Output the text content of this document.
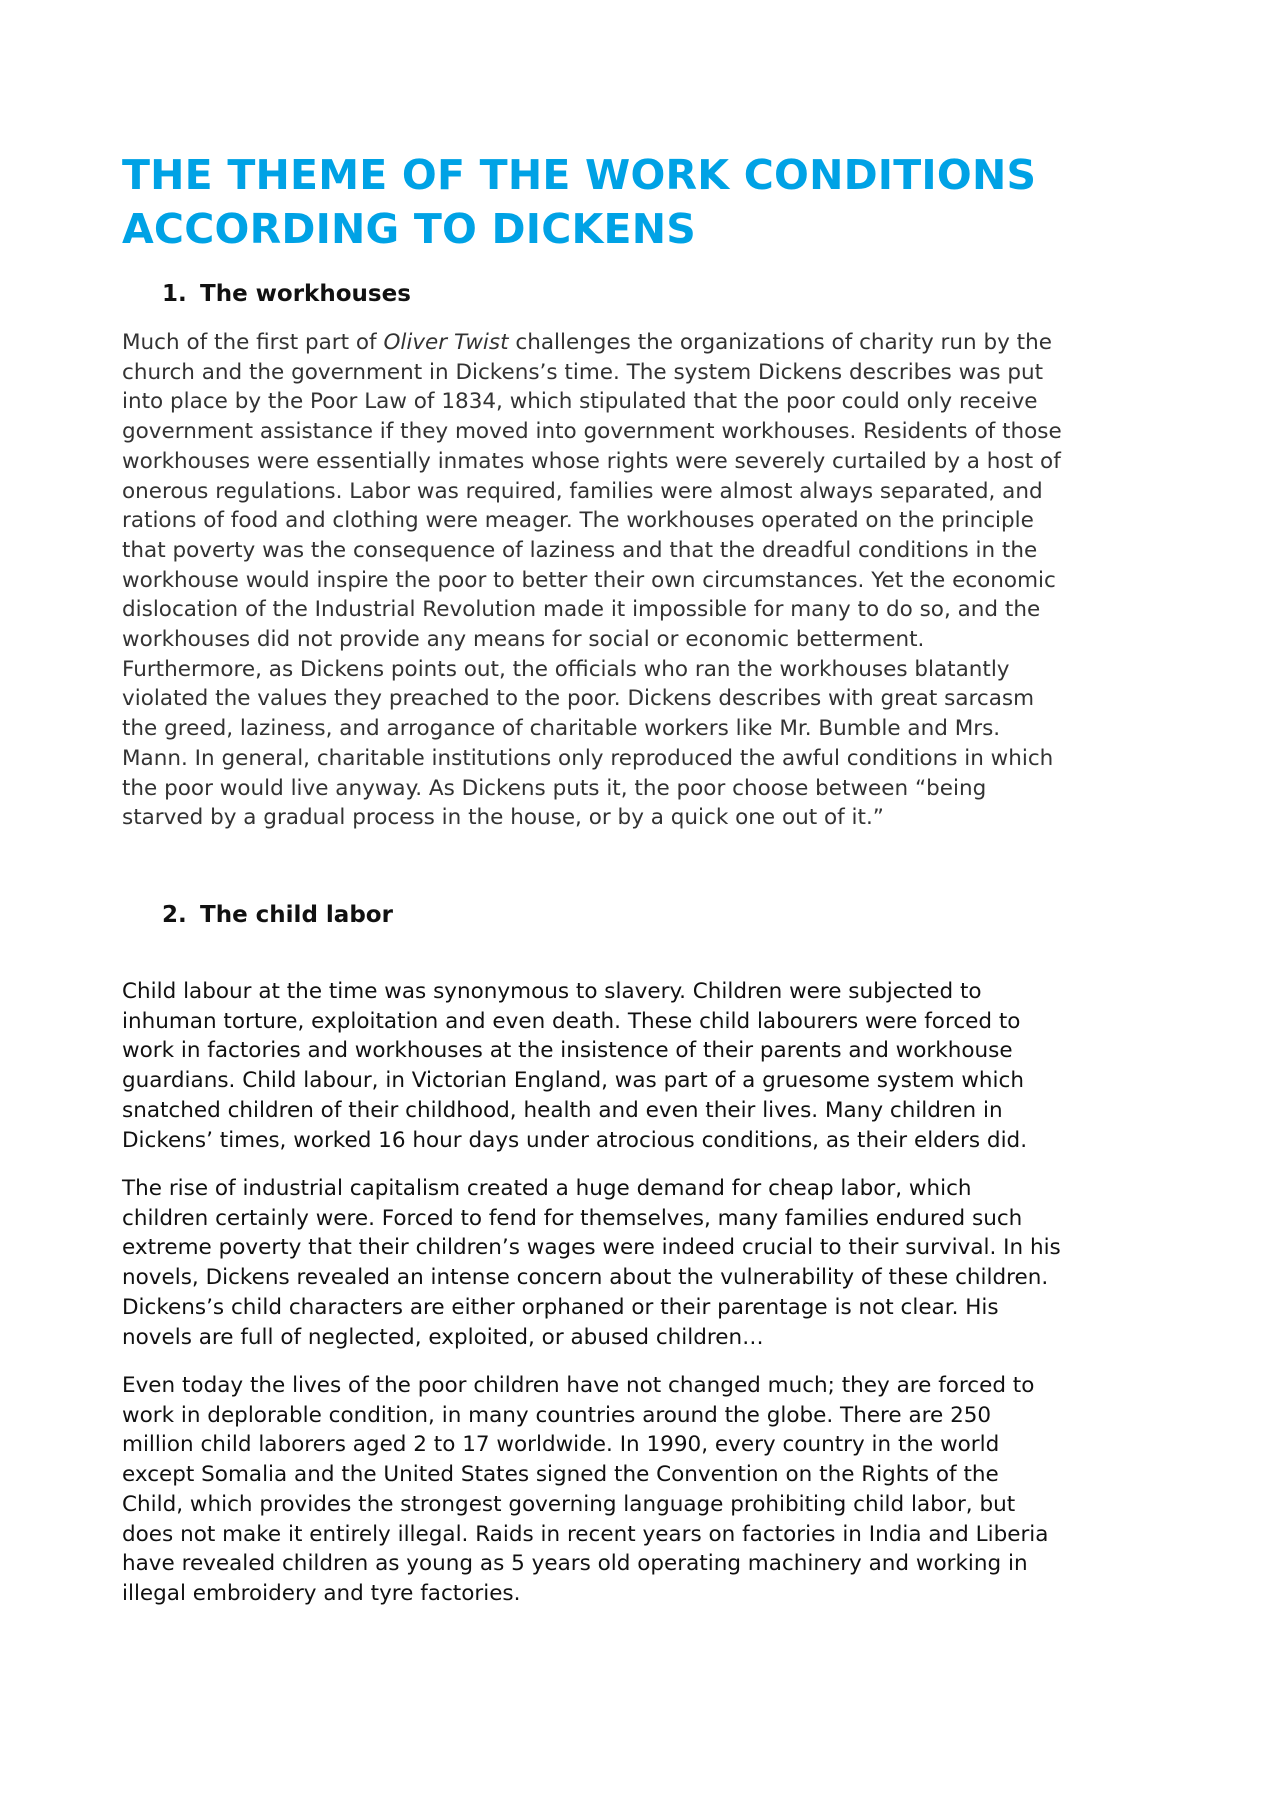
THE THEME OF THE WORK CONDITIONS
ACCORDING TO DICKENS
1. The workhouses
Much of the first part of Oliver Twist challenges the organizations of charity run by the
church and the government in Dickens’s time. The system Dickens describes was put
into place by the Poor Law of 1834, which stipulated that the poor could only receive
government assistance if they moved into government workhouses. Residents of those
workhouses were essentially inmates whose rights were severely curtailed by a host of
onerous regulations. Labor was required, families were almost always separated, and
rations of food and clothing were meager. The workhouses operated on the principle
that poverty was the consequence of laziness and that the dreadful conditions in the
workhouse would inspire the poor to better their own circumstances. Yet the economic
dislocation of the Industrial Revolution made it impossible for many to do so, and the
workhouses did not provide any means for social or economic betterment.
Furthermore, as Dickens points out, the officials who ran the workhouses blatantly
violated the values they preached to the poor. Dickens describes with great sarcasm
the greed, laziness, and arrogance of charitable workers like Mr. Bumble and Mrs.
Mann. In general, charitable institutions only reproduced the awful conditions in which
the poor would live anyway. As Dickens puts it, the poor choose between “being
starved by a gradual process in the house, or by a quick one out of it.”
2. The child labor
Child labour at the time was synonymous to slavery. Children were subjected to
inhuman torture, exploitation and even death. These child labourers were forced to
work in factories and workhouses at the insistence of their parents and workhouse
guardians. Child labour, in Victorian England, was part of a gruesome system which
snatched children of their childhood, health and even their lives. Many children in
Dickens’ times, worked 16 hour days under atrocious conditions, as their elders did.
The rise of industrial capitalism created a huge demand for cheap labor, which
children certainly were. Forced to fend for themselves, many families endured such
extreme poverty that their children’s wages were indeed crucial to their survival. In his
novels, Dickens revealed an intense concern about the vulnerability of these children.
Dickens’s child characters are either orphaned or their parentage is not clear. His
novels are full of neglected, exploited, or abused children…
Even today the lives of the poor children have not changed much; they are forced to
work in deplorable condition, in many countries around the globe. There are 250
million child laborers aged 2 to 17 worldwide. In 1990, every country in the world
except Somalia and the United States signed the Convention on the Rights of the
Child, which provides the strongest governing language prohibiting child labor, but
does not make it entirely illegal. Raids in recent years on factories in India and Liberia
have revealed children as young as 5 years old operating machinery and working in
illegal embroidery and tyre factories.
